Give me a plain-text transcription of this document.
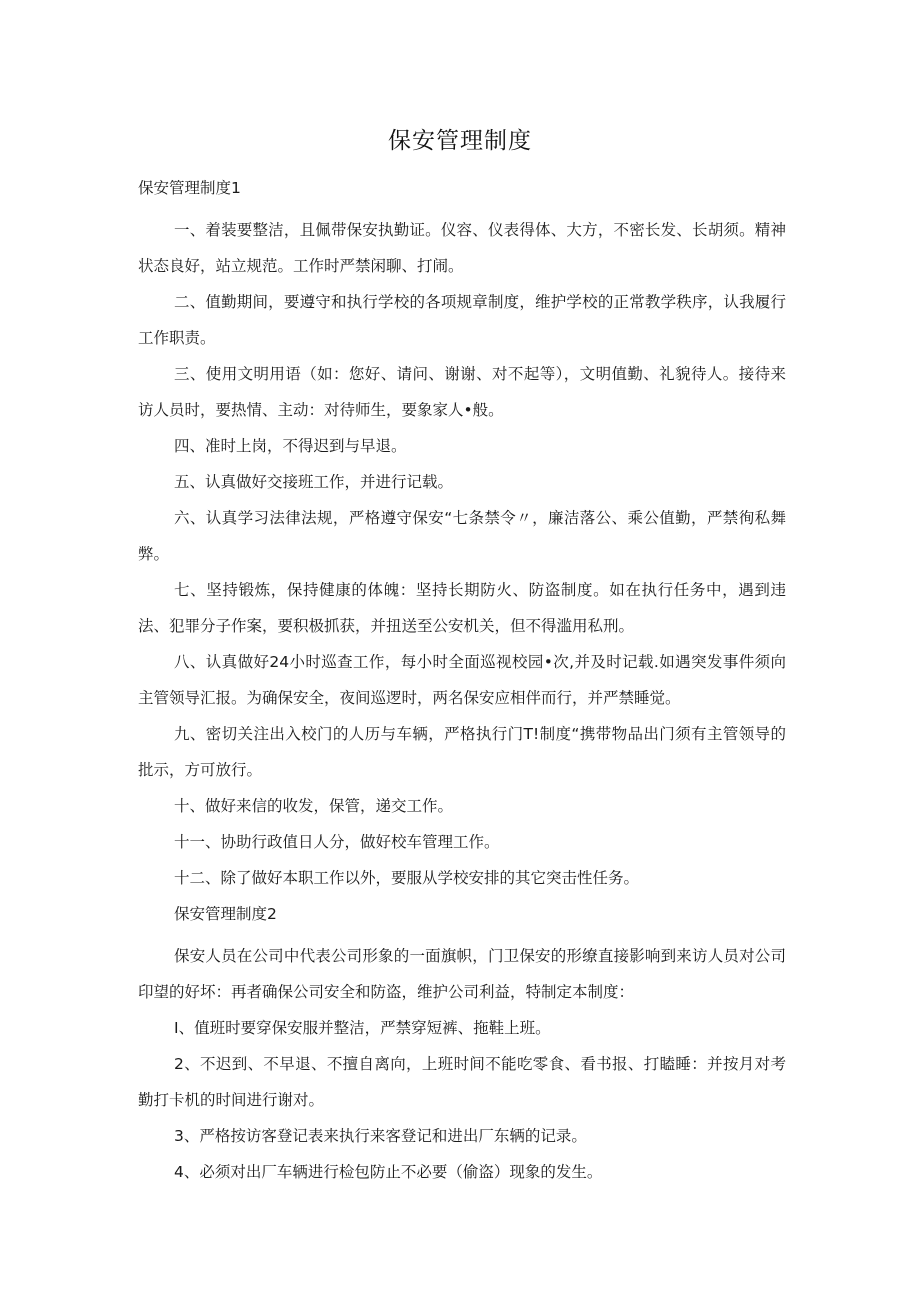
保安管理制度
保安管理制度1

一、着装要整洁，且佩带保安执勤证。仪容、仪表得体、大方，不密长发、长胡须。精神状态良好，站立规范。工作时严禁闲聊、打闹。

二、值勤期间，要遵守和执行学校的各项规章制度，维护学校的正常教学秩序，认我履行工作职责。

三、使用文明用语（如：您好、请问、谢谢、对不起等），文明值勤、礼貌待人。接待来访人员时，要热情、主动：对待师生，要象家人•般。

四、准时上岗，不得迟到与早退。

五、认真做好交接班工作，并进行记载。

六、认真学习法律法规，严格遵守保安“七条禁令〃，廉洁落公、乘公值勤，严禁徇私舞弊。

七、坚持锻炼，保持健康的体魄：坚持长期防火、防盗制度。如在执行任务中，遇到违法、犯罪分子作案，要积极抓获，并扭送至公安机关，但不得滥用私刑。

八、认真做好24小时巡查工作，每小时全面巡视校园•次,并及时记载.如遇突发事件须向主管领导汇报。为确保安全，夜间巡逻时，两名保安应相伴而行，并严禁睡觉。

九、密切关注出入校门的人历与车辆，严格执行门T!制度“携带物品出门须有主管领导的批示，方可放行。

十、做好来信的收发，保管，递交工作。

十一、协助行政值日人分，做好校车管理工作。

十二、除了做好本职工作以外，要服从学校安排的其它突击性任务。

保安管理制度2

保安人员在公司中代表公司形象的一面旗帜，门卫保安的形缭直接影响到来访人员对公司印望的好坏：再者确保公司安全和防盗，维护公司利益，特制定本制度：

I、值班时要穿保安服并整洁，严禁穿短裤、拖鞋上班。

2、不迟到、不早退、不擅自离向，上班时间不能吃零食、看书报、打瞌睡：并按月对考勤打卡机的时间进行谢对。

3、严格按访客登记表来执行来客登记和进出厂东辆的记录。

4、必须对出厂车辆进行检包防止不必要（偷盗）现象的发生。
